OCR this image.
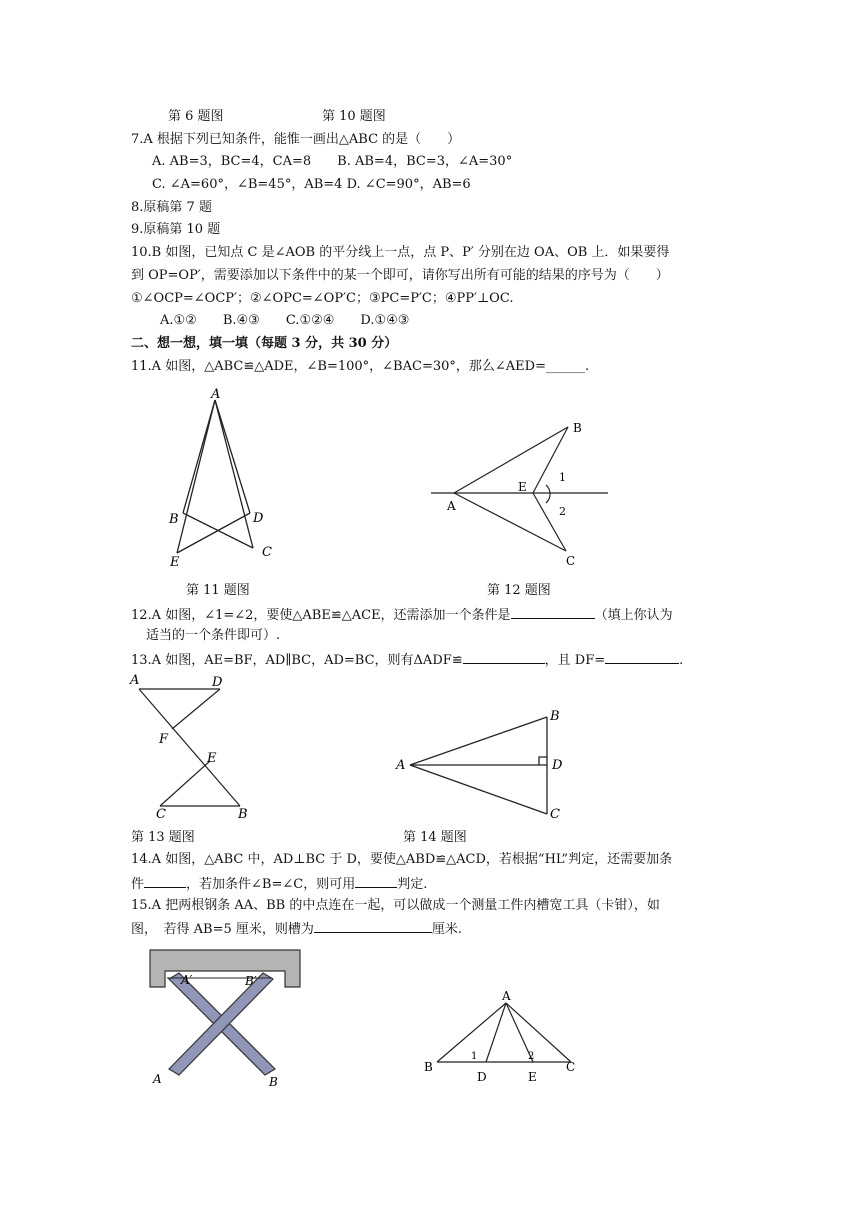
第 6 题图	第 10 题图
7.A 根据下列已知条件，能惟一画出△ABC 的是（　　）
A. AB=3，BC=4，CA=8　　B. AB=4，BC=3，∠A=30°
C. ∠A=60°，∠B=45°，AB=4 D. ∠C=90°，AB=6
8.原稿第 7 题
9.原稿第 10 题
10.B 如图，已知点 C 是∠AOB 的平分线上一点，点 P、P′ 分别在边 OA、OB 上．如果要得
到 OP=OP′，需要添加以下条件中的某一个即可，请你写出所有可能的结果的序号为（　　）
①∠OCP=∠OCP′；②∠OPC=∠OP′C；③PC=P′C；④PP′⊥OC.
A.①②　　B.④③　　C.①②④　　D.①④③
二、想一想，填一填（每题 3 分，共 30 分）
11.A 如图，△ABC≌△ADE，∠B=100°，∠BAC=30°，那么∠AED=______.
A
B	D
E
C
第 11 题图
B
E
1
A	2
C
第 12 题图
12.A 如图，∠1=∠2，要使△ABE≌△ACE，还需添加一个条件是	（填上你认为
适当的一个条件即可）.
13.A 如图，AE=BF，AD∥BC，AD=BC，则有ΔADF≌	，且 DF=	.
A	D
F
E
C	B
第 13 题图
B
A	D
C
第 14 题图
14.A 如图，△ABC 中，AD⊥BC 于 D，要使△ABD≌△ACD，若根据“HL”判定，还需要加条
件	，若加条件∠B=∠C，则可用	判定.
15.A 把两根钢条 AA、BB 的中点连在一起，可以做成一个测量工件内槽宽工具（卡钳），如
图，　若得 AB=5 厘米，则槽为	厘米.
A′	B′
A	B
A
1	2
B
D	E
C
